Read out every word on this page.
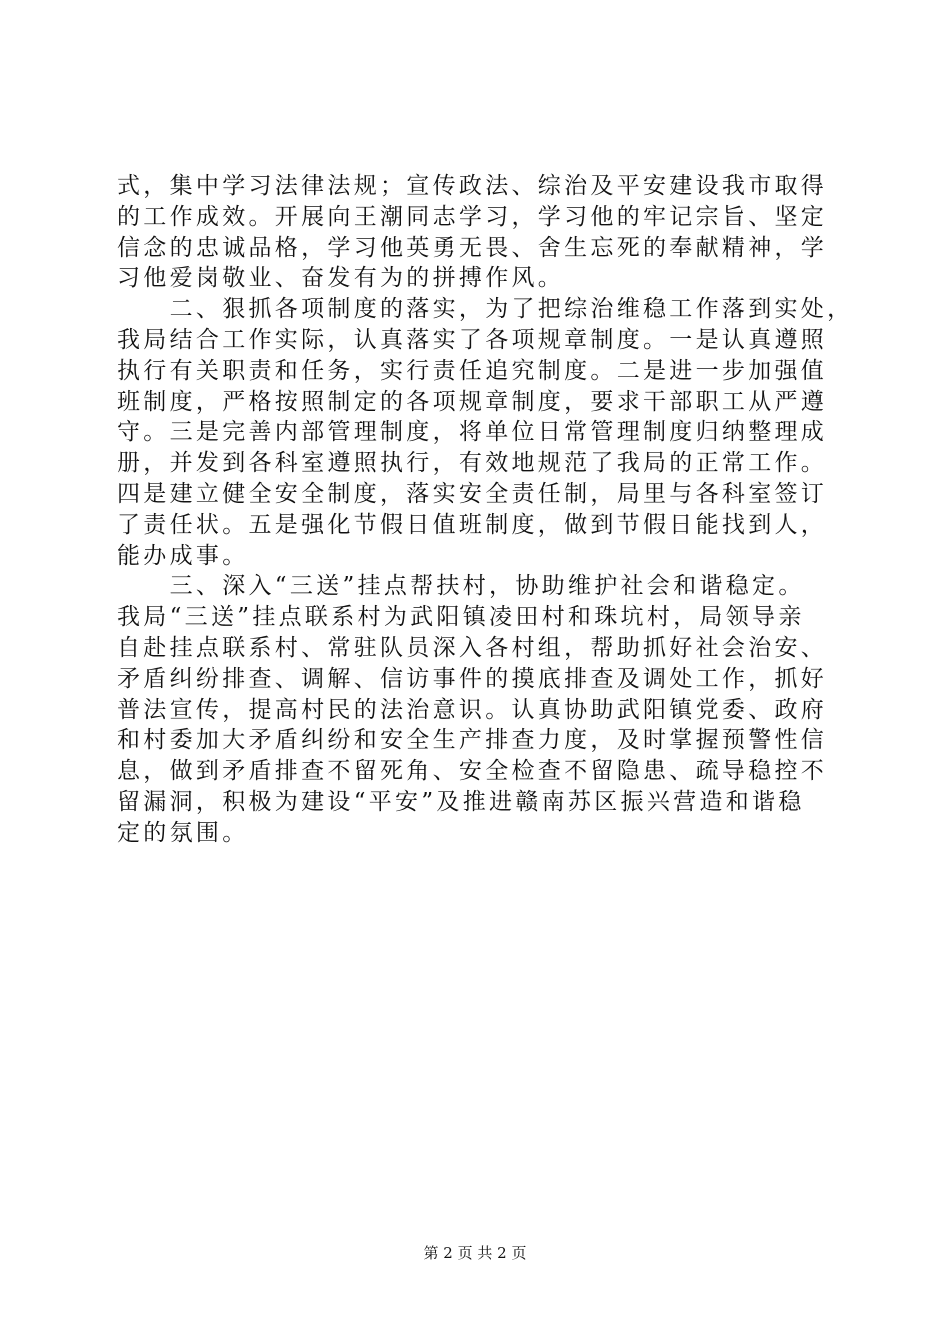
式，集中学习法律法规；宣传政法、综治及平安建设我市取得

的工作成效。开展向王潮同志学习，学习他的牢记宗旨、坚定

信念的忠诚品格，学习他英勇无畏、舍生忘死的奉献精神，学

习他爱岗敬业、奋发有为的拼搏作风。

　　二、狠抓各项制度的落实，为了把综治维稳工作落到实处，

我局结合工作实际，认真落实了各项规章制度。一是认真遵照

执行有关职责和任务，实行责任追究制度。二是进一步加强值

班制度，严格按照制定的各项规章制度，要求干部职工从严遵

守。三是完善内部管理制度，将单位日常管理制度归纳整理成

册，并发到各科室遵照执行，有效地规范了我局的正常工作。

四是建立健全安全制度，落实安全责任制，局里与各科室签订

了责任状。五是强化节假日值班制度，做到节假日能找到人，

能办成事。

　　三、深入“三送”挂点帮扶村，协助维护社会和谐稳定。

我局“三送”挂点联系村为武阳镇凌田村和珠坑村，局领导亲

自赴挂点联系村、常驻队员深入各村组，帮助抓好社会治安、

矛盾纠纷排查、调解、信访事件的摸底排查及调处工作，抓好

普法宣传，提高村民的法治意识。认真协助武阳镇党委、政府

和村委加大矛盾纠纷和安全生产排查力度，及时掌握预警性信

息，做到矛盾排查不留死角、安全检查不留隐患、疏导稳控不

留漏洞，积极为建设“平安”及推进赣南苏区振兴营造和谐稳

定的氛围。

第 2 页 共 2 页
